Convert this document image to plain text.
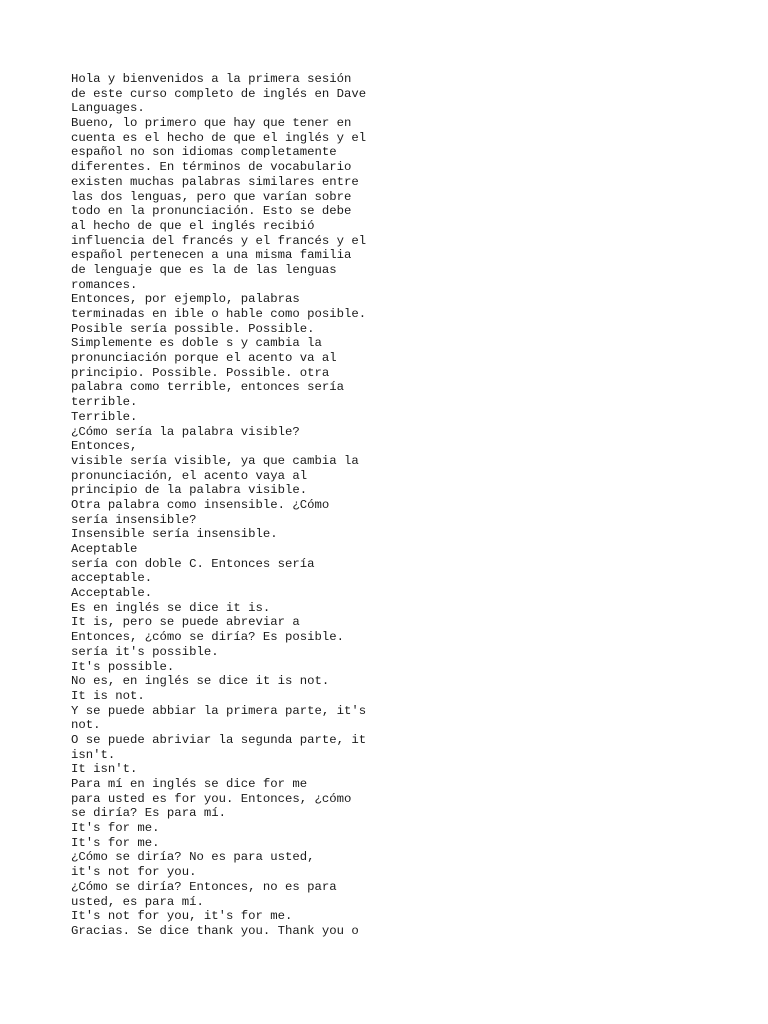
Hola y bienvenidos a la primera sesión
de este curso completo de inglés en Dave
Languages.
Bueno, lo primero que hay que tener en
cuenta es el hecho de que el inglés y el
español no son idiomas completamente
diferentes. En términos de vocabulario
existen muchas palabras similares entre
las dos lenguas, pero que varían sobre
todo en la pronunciación. Esto se debe
al hecho de que el inglés recibió
influencia del francés y el francés y el
español pertenecen a una misma familia
de lenguaje que es la de las lenguas
romances.
Entonces, por ejemplo, palabras
terminadas en ible o hable como posible.
Posible sería possible. Possible.
Simplemente es doble s y cambia la
pronunciación porque el acento va al
principio. Possible. Possible. otra
palabra como terrible, entonces sería
terrible.
Terrible.
¿Cómo sería la palabra visible?
Entonces,
visible sería visible, ya que cambia la
pronunciación, el acento vaya al
principio de la palabra visible.
Otra palabra como insensible. ¿Cómo
sería insensible?
Insensible sería insensible.
Aceptable
sería con doble C. Entonces sería
acceptable.
Acceptable.
Es en inglés se dice it is.
It is, pero se puede abreviar a
Entonces, ¿cómo se diría? Es posible.
sería it's possible.
It's possible.
No es, en inglés se dice it is not.
It is not.
Y se puede abbiar la primera parte, it's
not.
O se puede abriviar la segunda parte, it
isn't.
It isn't.
Para mí en inglés se dice for me
para usted es for you. Entonces, ¿cómo
se diría? Es para mí.
It's for me.
It's for me.
¿Cómo se diría? No es para usted,
it's not for you.
¿Cómo se diría? Entonces, no es para
usted, es para mí.
It's not for you, it's for me.
Gracias. Se dice thank you. Thank you o
